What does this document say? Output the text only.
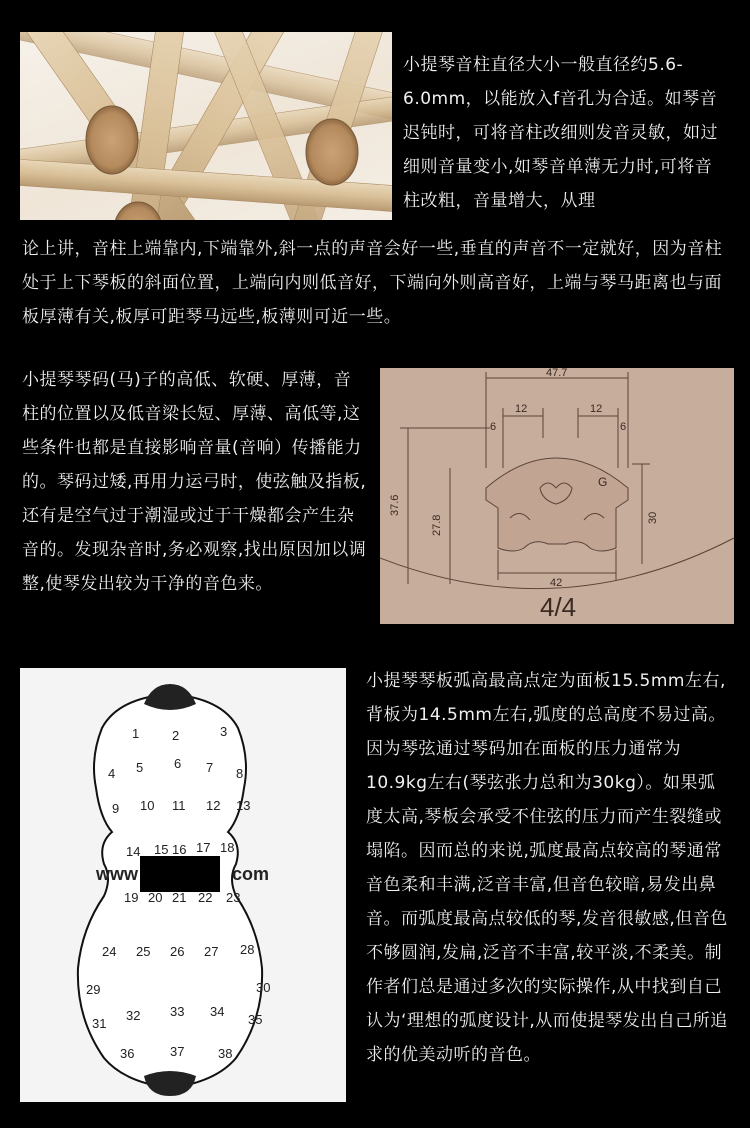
小提琴音柱直径大小一般直径约5.6-6.0mm，以能放入f音孔为合适。如琴音迟钝时，可将音柱改细则发音灵敏，如过细则音量变小,如琴音单薄无力时,可将音柱改粗，音量增大，从理

论上讲，音柱上端靠内,下端靠外,斜一点的声音会好一些,垂直的声音不一定就好，因为音柱处于上下琴板的斜面位置，上端向内则低音好，下端向外则高音好，上端与琴马距离也与面板厚薄有关,板厚可距琴马远些,板薄则可近一些。

小提琴琴码(马)子的高低、软硬、厚薄，音柱的位置以及低音梁长短、厚薄、高低等,这些条件也都是直接影响音量(音响）传播能力的。琴码过矮,再用力运弓时，使弦触及指板,还有是空气过于潮湿或过于干燥都会产生杂音的。发现杂音时,务必观察,找出原因加以调整,使琴发出较为干净的音色来。

47.7
12	12
6	6
37.6
27.8	30
42
G
4/4
www	com
1	2	3
4 5 6 7 8
9 10 11 12 13
14 15 16 17 18
19 20 21 22 23
24 25 26 27 28
29	30
31
32 33 34
35
36	37	38

小提琴琴板弧高最高点定为面板15.5mm左右,背板为14.5mm左右,弧度的总高度不易过高。因为琴弦通过琴码加在面板的压力通常为10.9kg左右(琴弦张力总和为30kg）。如果弧度太高,琴板会承受不住弦的压力而产生裂缝或塌陷。因而总的来说,弧度最高点较高的琴通常音色柔和丰满,泛音丰富,但音色较暗,易发出鼻音。而弧度最高点较低的琴,发音很敏感,但音色不够圆润,发扁,泛音不丰富,较平淡,不柔美。制作者们总是通过多次的实际操作,从中找到自己认为‘理想的弧度设计,从而使提琴发出自己所追求的优美动听的音色。
